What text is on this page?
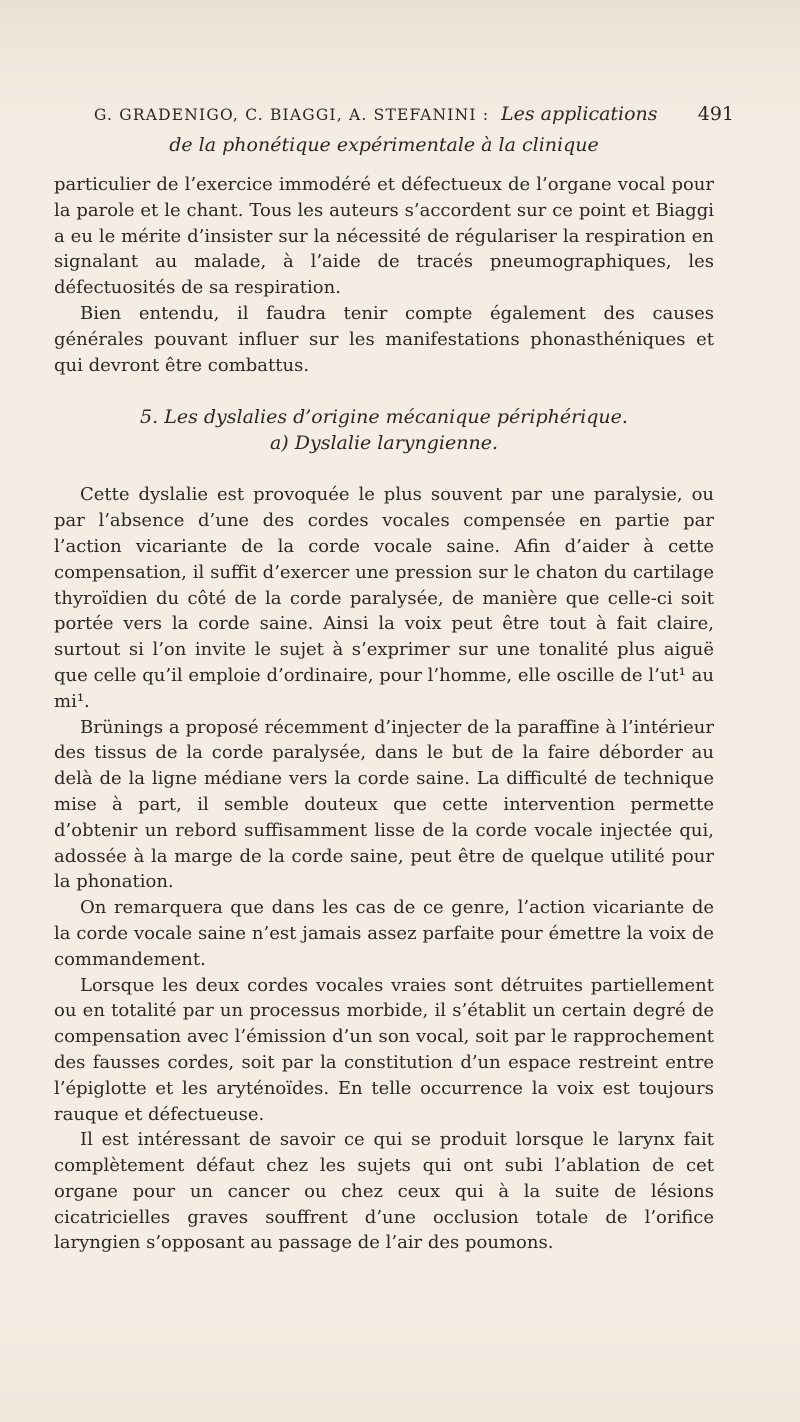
G. GRADENIGO, C. BIAGGI, A. STEFANINI : Les applications 491
de la phonétique expérimentale à la clinique

particulier de l’exercice immodéré et défectueux de l’organe vocal pour la parole et le chant. Tous les auteurs s’accordent sur ce point et Biaggi a eu le mérite d’insister sur la nécessité de régulariser la respiration en signalant au malade, à l’aide de tracés pneumographiques, les défectuosités de sa respiration.

Bien entendu, il faudra tenir compte également des causes générales pouvant influer sur les manifestations phonasthéniques et qui devront être combattus.

5. Les dyslalies d’origine mécanique périphérique.
a) Dyslalie laryngienne.

Cette dyslalie est provoquée le plus souvent par une paralysie, ou par l’absence d’une des cordes vocales compensée en partie par l’action vicariante de la corde vocale saine. Afin d’aider à cette compensation, il suffit d’exercer une pression sur le chaton du cartilage thyroïdien du côté de la corde paralysée, de manière que celle-ci soit portée vers la corde saine. Ainsi la voix peut être tout à fait claire, surtout si l’on invite le sujet à s’exprimer sur une tonalité plus aiguë que celle qu’il emploie d’ordinaire, pour l’homme, elle oscille de l’ut¹ au mi¹.

Brünings a proposé récemment d’injecter de la paraffine à l’intérieur des tissus de la corde paralysée, dans le but de la faire déborder au delà de la ligne médiane vers la corde saine. La difficulté de technique mise à part, il semble douteux que cette intervention permette d’obtenir un rebord suffisamment lisse de la corde vocale injectée qui, adossée à la marge de la corde saine, peut être de quelque utilité pour la phonation.

On remarquera que dans les cas de ce genre, l’action vicariante de la corde vocale saine n’est jamais assez parfaite pour émettre la voix de commandement.

Lorsque les deux cordes vocales vraies sont détruites partiellement ou en totalité par un processus morbide, il s’établit un certain degré de compensation avec l’émission d’un son vocal, soit par le rapprochement des fausses cordes, soit par la constitution d’un espace restreint entre l’épiglotte et les aryténoïdes. En telle occurrence la voix est toujours rauque et défectueuse.

Il est intéressant de savoir ce qui se produit lorsque le larynx fait complètement défaut chez les sujets qui ont subi l’ablation de cet organe pour un cancer ou chez ceux qui à la suite de lésions cicatricielles graves souffrent d’une occlusion totale de l’orifice laryngien s’opposant au passage de l’air des poumons.
